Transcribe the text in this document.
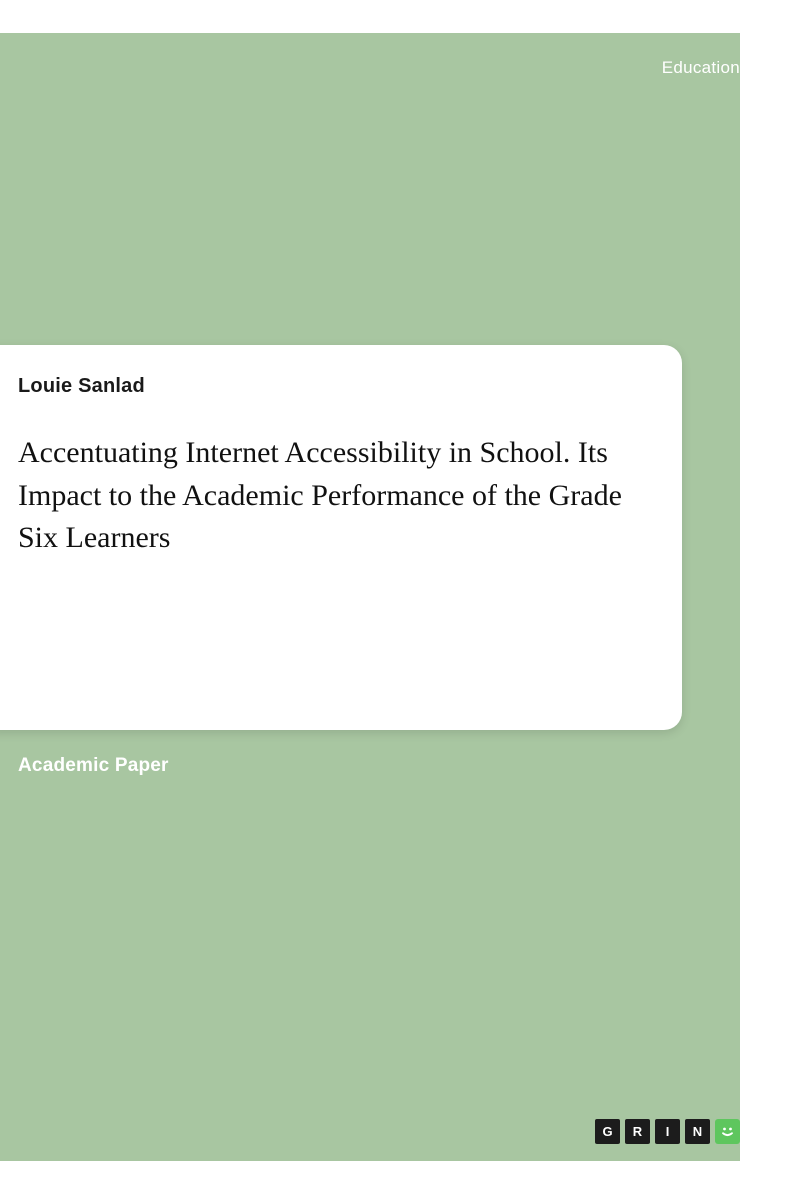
Education
Louie Sanlad
Accentuating Internet Accessibility in School. Its Impact to the Academic Performance of the Grade Six Learners
Academic Paper
G	R	I	N
